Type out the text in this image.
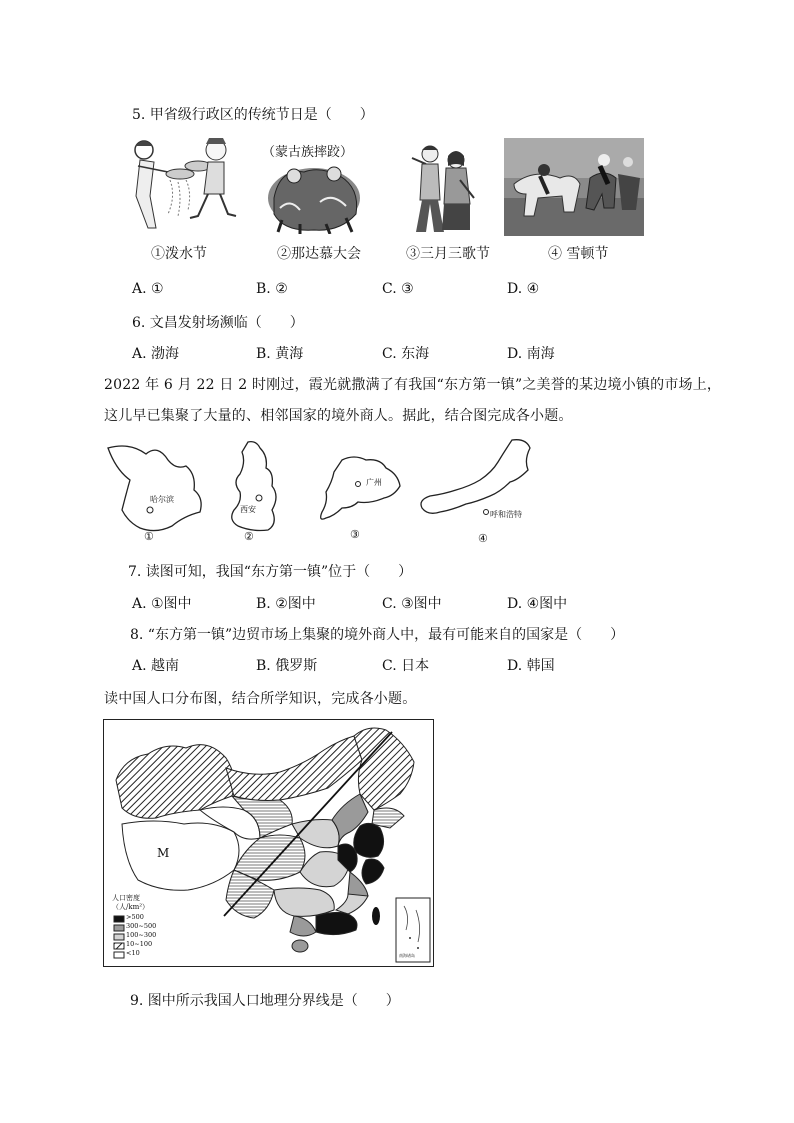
5. 甲省级行政区的传统节日是（　　）
（蒙古族摔跤）
①泼水节	②那达慕大会	③三月三歌节	④ 雪顿节
A. ①	B. ②	C. ③	D. ④
6. 文昌发射场濒临（　　）
A. 渤海	B. 黄海	C. 东海	D. 南海
2022 年 6 月 22 日 2 时刚过，霞光就撒满了有我国“东方第一镇”之美誉的某边境小镇的市场上，
这儿早已集聚了大量的、相邻国家的境外商人。据此，结合图完成各小题。
哈尔滨
①
西安
②
广州
③
呼和浩特
④
7. 读图可知，我国“东方第一镇”位于（　　）
A. ①图中	B. ②图中	C. ③图中	D. ④图中
8. “东方第一镇”边贸市场上集聚的境外商人中，最有可能来自的国家是（　　）
A. 越南	B. 俄罗斯	C. 日本	D. 韩国
读中国人口分布图，结合所学知识，完成各小题。
M
人口密度
（人/km²）
>500
300~500
100~300
10~100
<10	南海诸岛
9. 图中所示我国人口地理分界线是（　　）
